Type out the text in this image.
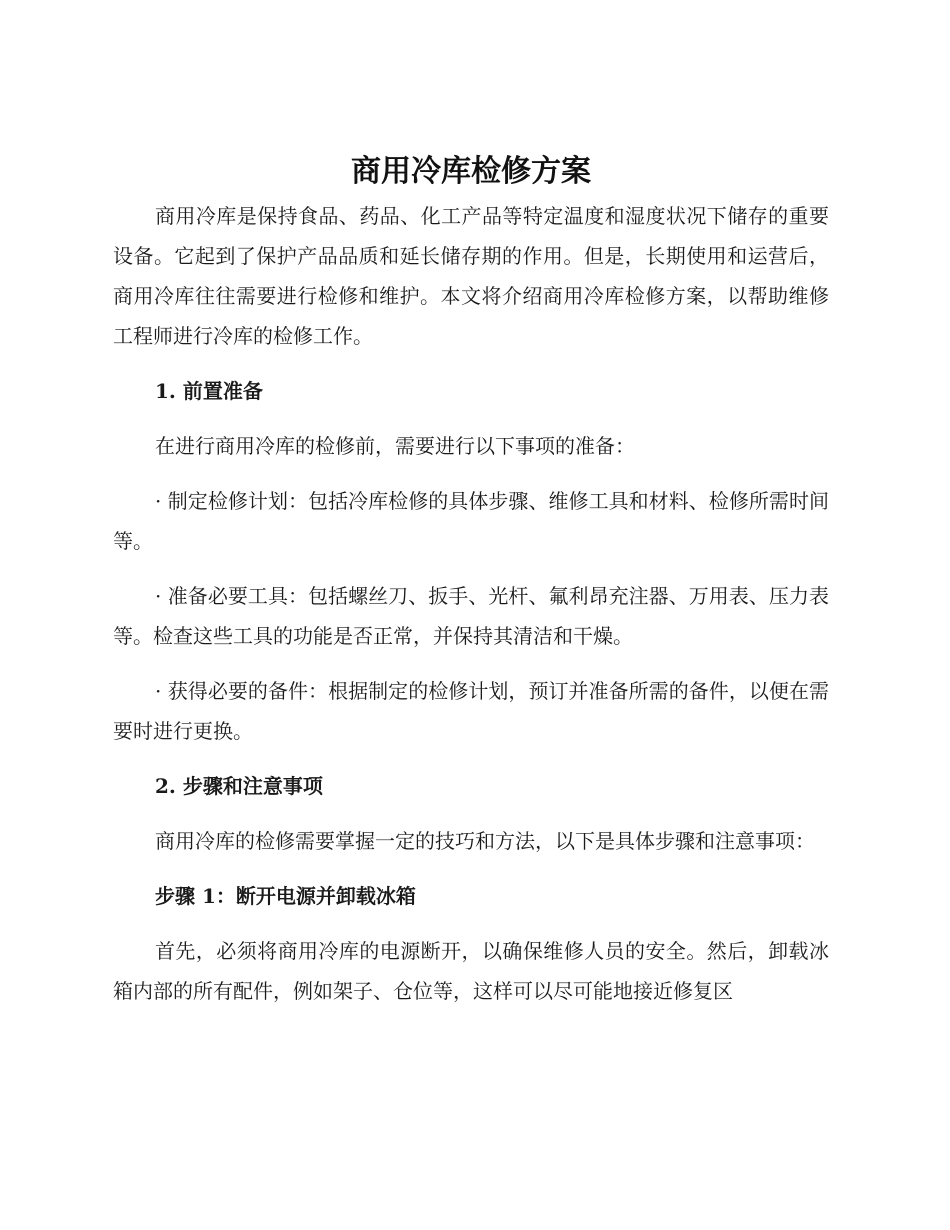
商用冷库检修方案

商用冷库是保持食品、药品、化工产品等特定温度和湿度状况下储存的重要设备。它起到了保护产品品质和延长储存期的作用。但是，长期使用和运营后，商用冷库往往需要进行检修和维护。本文将介绍商用冷库检修方案，以帮助维修工程师进行冷库的检修工作。

1. 前置准备

在进行商用冷库的检修前，需要进行以下事项的准备：

· 制定检修计划：包括冷库检修的具体步骤、维修工具和材料、检修所需时间等。

· 准备必要工具：包括螺丝刀、扳手、光杆、氟利昂充注器、万用表、压力表等。检查这些工具的功能是否正常，并保持其清洁和干燥。

· 获得必要的备件：根据制定的检修计划，预订并准备所需的备件，以便在需要时进行更换。

2. 步骤和注意事项

商用冷库的检修需要掌握一定的技巧和方法，以下是具体步骤和注意事项：

步骤 1：断开电源并卸载冰箱

首先，必须将商用冷库的电源断开，以确保维修人员的安全。然后，卸载冰箱内部的所有配件，例如架子、仓位等，这样可以尽可能地接近修复区
